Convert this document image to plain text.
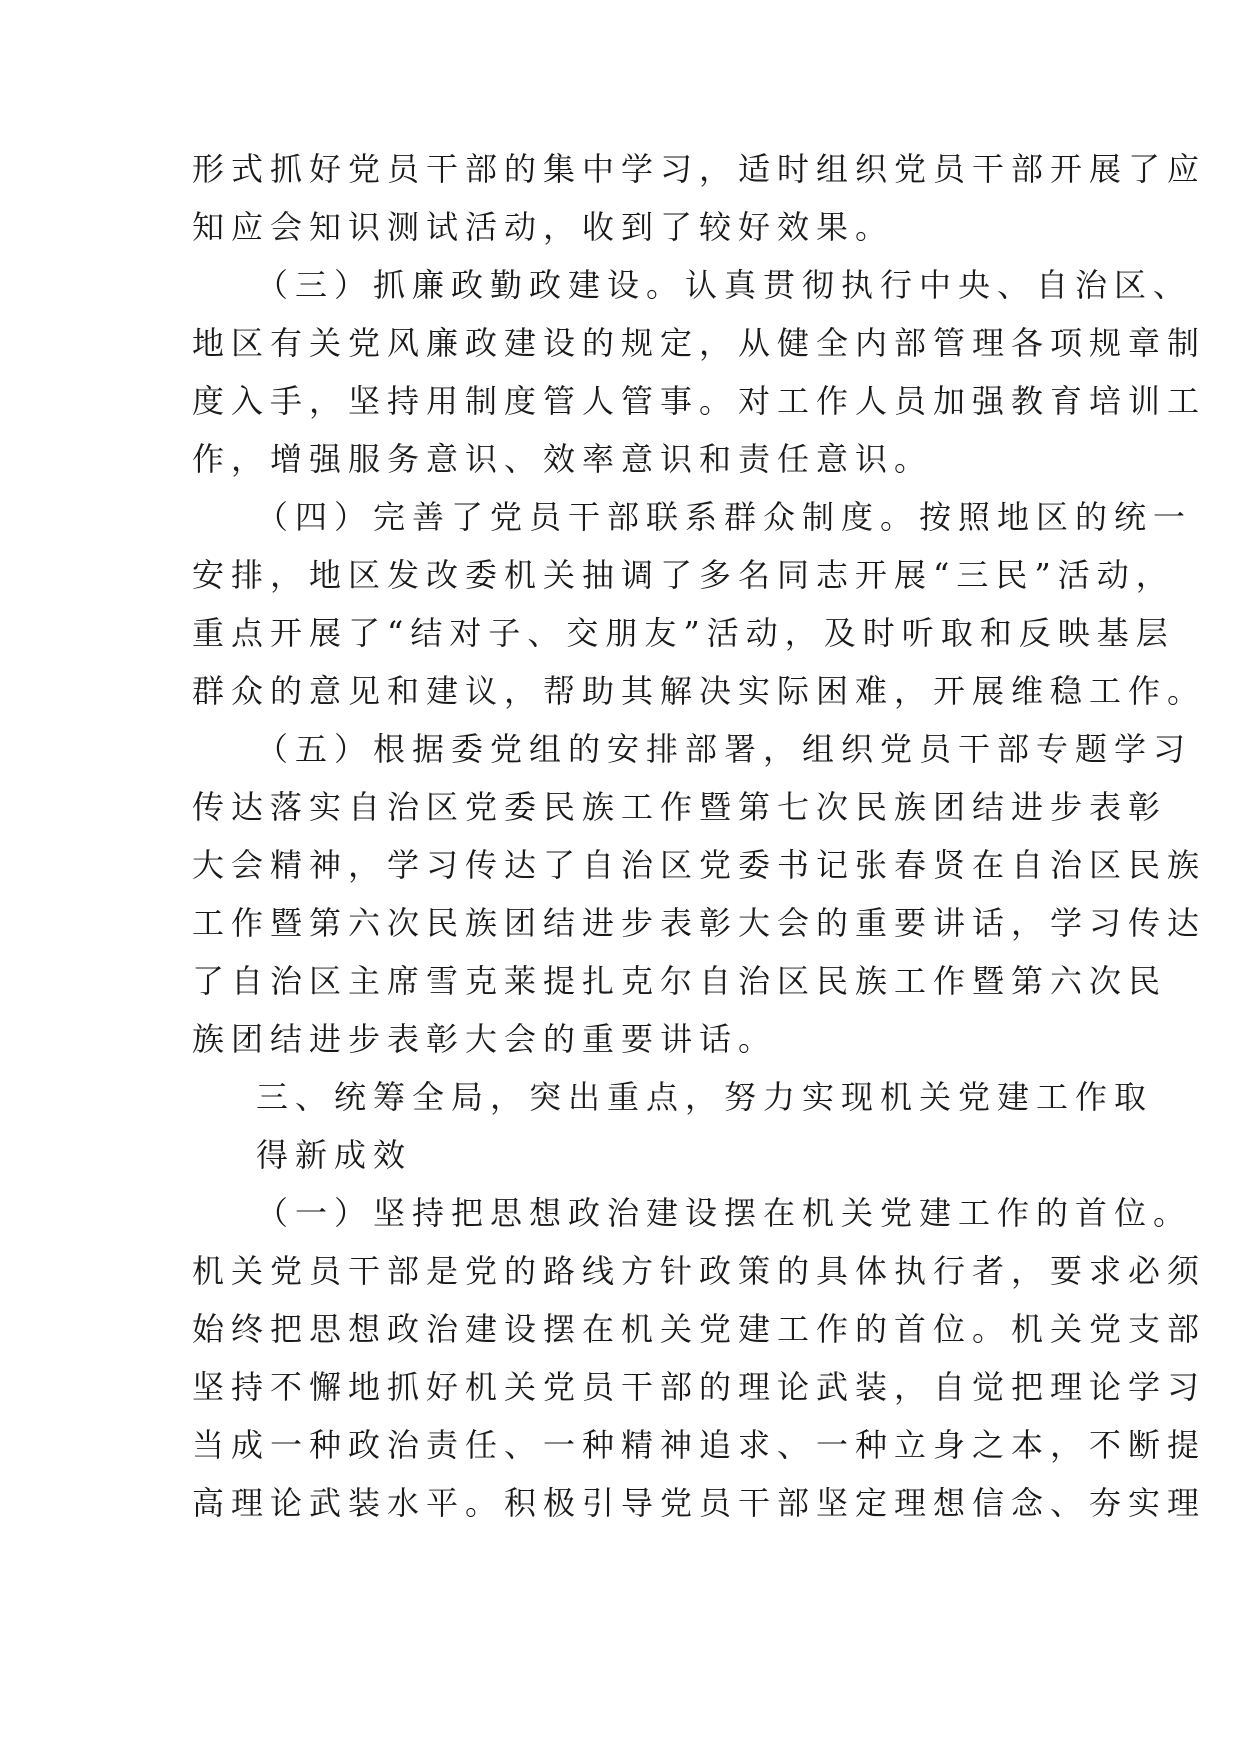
形式抓好党员干部的集中学习，适时组织党员干部开展了应
知应会知识测试活动，收到了较好效果。
（三）抓廉政勤政建设。认真贯彻执行中央、自治区、
地区有关党风廉政建设的规定，从健全内部管理各项规章制
度入手，坚持用制度管人管事。对工作人员加强教育培训工
作，增强服务意识、效率意识和责任意识。
（四）完善了党员干部联系群众制度。按照地区的统一
安排，地区发改委机关抽调了多名同志开展“三民”活动，
重点开展了“结对子、交朋友”活动，及时听取和反映基层
群众的意见和建议，帮助其解决实际困难，开展维稳工作。
（五）根据委党组的安排部署，组织党员干部专题学习
传达落实自治区党委民族工作暨第七次民族团结进步表彰
大会精神，学习传达了自治区党委书记张春贤在自治区民族
工作暨第六次民族团结进步表彰大会的重要讲话，学习传达
了自治区主席雪克莱提扎克尔自治区民族工作暨第六次民
族团结进步表彰大会的重要讲话。
三、统筹全局，突出重点，努力实现机关党建工作取
得新成效
（一）坚持把思想政治建设摆在机关党建工作的首位。
机关党员干部是党的路线方针政策的具体执行者，要求必须
始终把思想政治建设摆在机关党建工作的首位。机关党支部
坚持不懈地抓好机关党员干部的理论武装，自觉把理论学习
当成一种政治责任、一种精神追求、一种立身之本，不断提
高理论武装水平。积极引导党员干部坚定理想信念、夯实理
